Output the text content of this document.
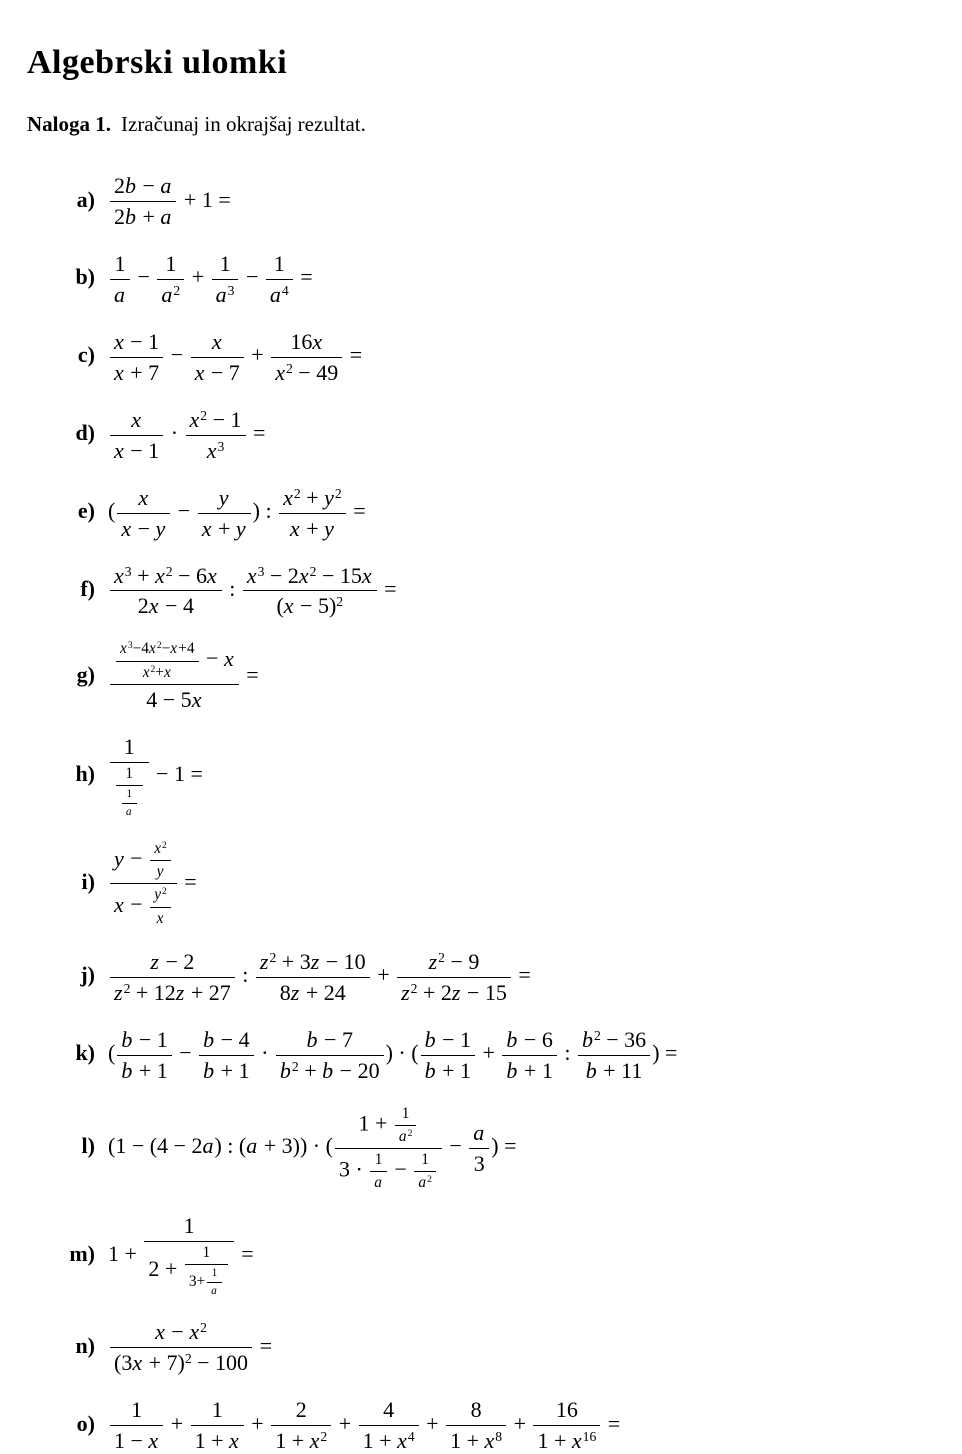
Algebrski ulomki

Naloga 1. Izračunaj in okrajšaj rezultat.

$a) \frac{2b - a}{2b + a} + 1$ =
$b) \frac{1}{a} - \frac{1}{a^2} + \frac{1}{a^3} - \frac{1}{a^4}$ =
$c) \frac{x - 1}{x + 7} - \frac{x}{x - 7} + \frac{16x}{x^2 - 49}$ =
$d) \frac{x}{x - 1} \cdot \frac{x^2 - 1}{x^3}$ =
e) ( $\frac{x}{x - y} - \frac{y}{x + y}$ ) : $\frac{x^2 + y^2}{x + y}$ =
$f) \frac{x^3 + x^2 - 6x}{2x - 4}$ : $\frac{x^3 - 2x^2 - 15x}{(x - 5)^2}$ =
$g) \frac{\frac{x^3-4x^2-x+4}{x^2+x} - x}{4 - 5x}$ =
$h) \frac{1}{\frac{1}{\frac{1}{a}}} - 1$ =
$i) \frac{y - \frac{x^2}{y}}{x - \frac{y^2}{x}}$ =
$j) \frac{z - 2}{z^2 + 12z + 27}$ : $\frac{z^2 + 3z - 10}{8z + 24} + \frac{z^2 - 9}{z^2 + 2z - 15}$ =
k) ( $\frac{b - 1}{b + 1} - \frac{b - 4}{b + 1} \cdot \frac{b - 7}{b^2 + b - 20}$ ) · ( $\frac{b - 1}{b + 1} + \frac{b - 6}{b + 1}$ : $\frac{b^2 - 36}{b + 11}$ ) =
l) (1 − (4 − 2a) : (a + 3)) · ( $\frac{1 + \frac{1}{a^2}}{3 \cdot \frac{1}{a} - \frac{1}{a^2}} - \frac{a}{3}$ ) =
m) $1 + \frac{1}{2 + \frac{1}{3+ \frac{1}{a}}}$ =
$n) \frac{x - x^2}{(3x + 7)^2 - 100}$ =
$o) \frac{1}{1 - x} + \frac{1}{1 + x} + \frac{2}{1 + x^2} + \frac{4}{1 + x^4} + \frac{8}{1 + x^8} + \frac{16}{1 + x^{16}}$ =
